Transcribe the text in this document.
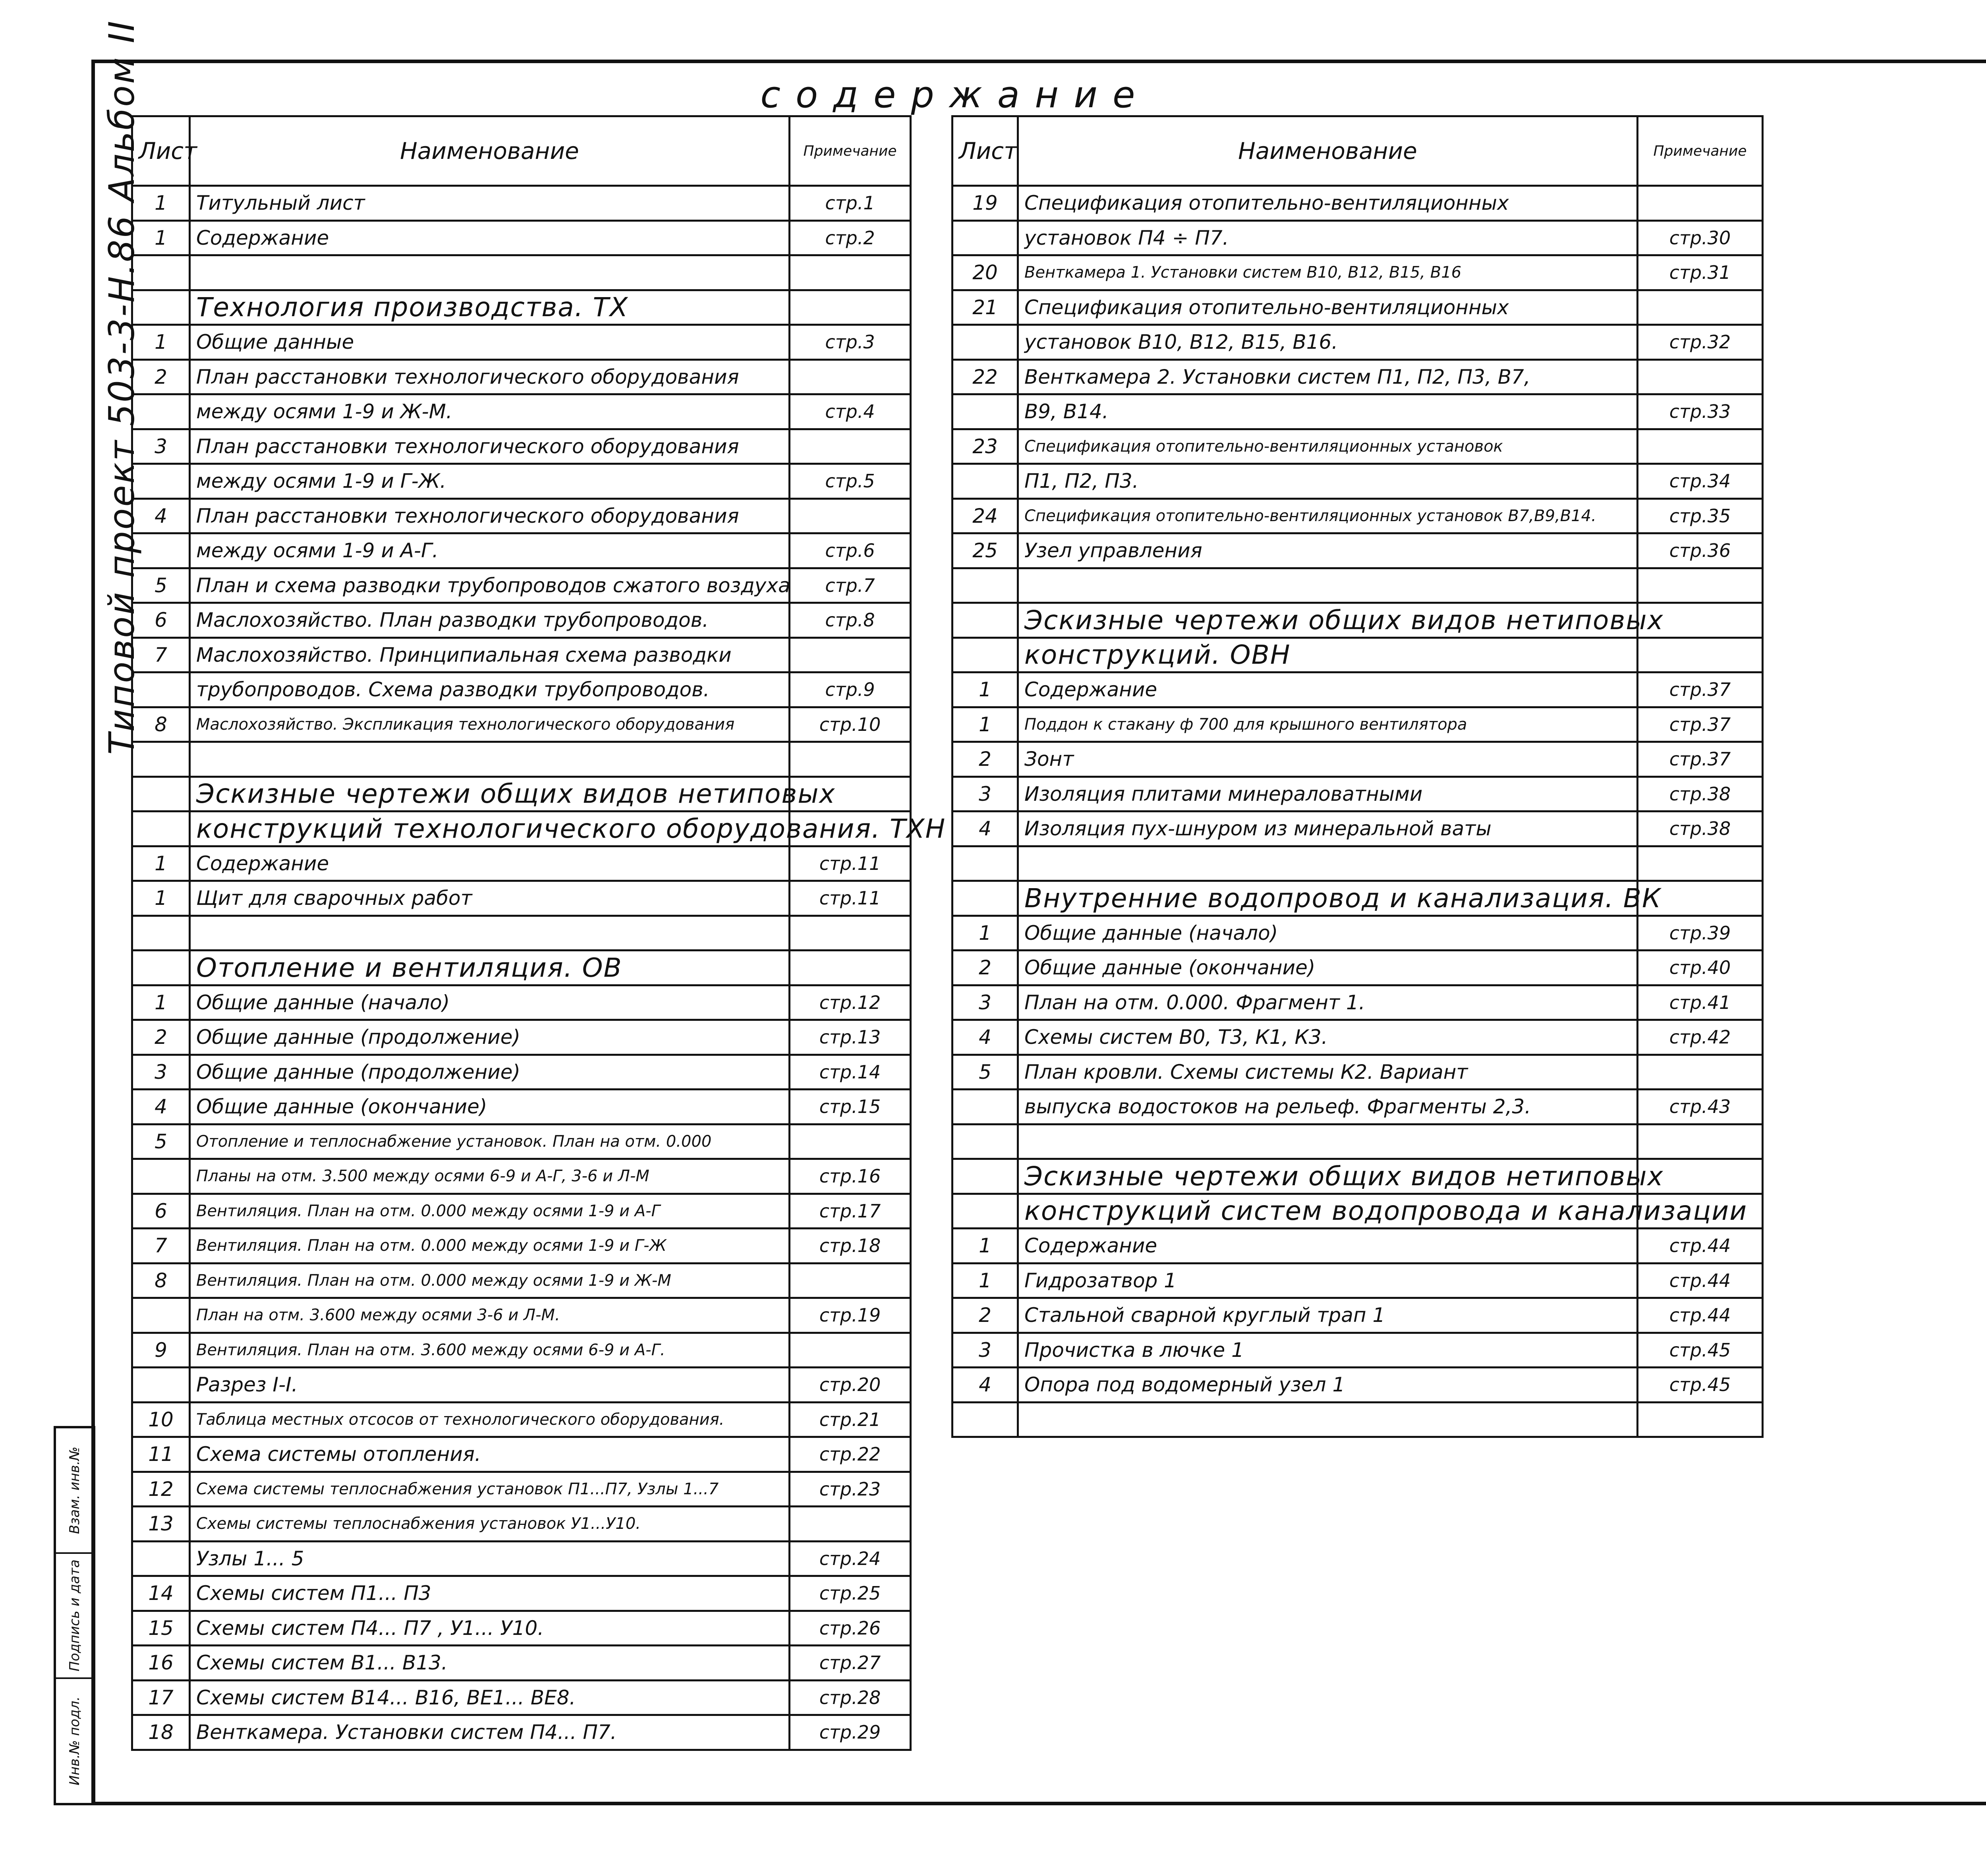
Типовой проект 503-3-Н.86 Альбом II
Инв.№ подл.
Подпись и дата
Взам. инв.№
содержание
Лист	Наименование	Примечание
1	Титульный лист	стр.1
1	Содержание	стр.2

	Технология производства. ТХ	
1	Общие данные	стр.3
2	План расстановки технологического оборудования	
	между осями 1-9 и Ж-М.	стр.4
3	План расстановки технологического оборудования	
	между осями 1-9 и Г-Ж.	стр.5
4	План расстановки технологического оборудования	
	между осями 1-9 и А-Г.	стр.6
5	План и схема разводки трубопроводов сжатого воздуха	стр.7
6	Маслохозяйство. План разводки трубопроводов.	стр.8
7	Маслохозяйство. Принципиальная схема разводки	
	трубопроводов. Схема разводки трубопроводов.	стр.9
8	Маслохозяйство. Экспликация технологического оборудования	стр.10

	Эскизные чертежи общих видов нетиповых	
	конструкций технологического оборудования. ТХН	
1	Содержание	стр.11
1	Щит для сварочных работ	стр.11

	Отопление и вентиляция. ОВ	
1	Общие данные (начало)	стр.12
2	Общие данные (продолжение)	стр.13
3	Общие данные (продолжение)	стр.14
4	Общие данные (окончание)	стр.15
5	Отопление и теплоснабжение установок. План на отм. 0.000	
	Планы на отм. 3.500 между осями 6-9 и А-Г, 3-6 и Л-М	стр.16
6	Вентиляция. План на отм. 0.000 между осями 1-9 и А-Г	стр.17
7	Вентиляция. План на отм. 0.000 между осями 1-9 и Г-Ж	стр.18
8	Вентиляция. План на отм. 0.000 между осями 1-9 и Ж-М	
	План на отм. 3.600 между осями 3-6 и Л-М.	стр.19
9	Вентиляция. План на отм. 3.600 между осями 6-9 и А-Г.	
	Разрез I-I.	стр.20
10	Таблица местных отсосов от технологического оборудования.	стр.21
11	Схема системы отопления.	стр.22
12	Схема системы теплоснабжения установок П1...П7, Узлы 1...7	стр.23
13	Схемы системы теплоснабжения установок У1...У10.	
	Узлы 1... 5	стр.24
14	Схемы систем П1... П3	стр.25
15	Схемы систем П4... П7 , У1... У10.	стр.26
16	Схемы систем В1... В13.	стр.27
17	Схемы систем В14... В16, ВЕ1... ВЕ8.	стр.28
18	Венткамера. Установки систем П4... П7.	стр.29
Лист	Наименование	Примечание
19	Спецификация отопительно-вентиляционных	
	установок П4 ÷ П7.	стр.30
20	Венткамера 1. Установки систем В10, В12, В15, В16	стр.31
21	Спецификация отопительно-вентиляционных	
	установок В10, В12, В15, В16.	стр.32
22	Венткамера 2. Установки систем П1, П2, П3, В7,	
	В9, В14.	стр.33
23	Спецификация отопительно-вентиляционных установок	
	П1, П2, П3.	стр.34
24	Спецификация отопительно-вентиляционных установок В7,В9,В14.	стр.35
25	Узел управления	стр.36

	Эскизные чертежи общих видов нетиповых	
	конструкций. ОВН	
1	Содержание	стр.37
1	Поддон к стакану ф 700 для крышного вентилятора	стр.37
2	Зонт	стр.37
3	Изоляция плитами минераловатными	стр.38
4	Изоляция пух-шнуром из минеральной ваты	стр.38

	Внутренние водопровод и канализация. ВК	
1	Общие данные (начало)	стр.39
2	Общие данные (окончание)	стр.40
3	План на отм. 0.000. Фрагмент 1.	стр.41
4	Схемы систем В0, Т3, К1, К3.	стр.42
5	План кровли. Схемы системы К2. Вариант	
	выпуска водостоков на рельеф. Фрагменты 2,3.	стр.43

	Эскизные чертежи общих видов нетиповых	
	конструкций систем водопровода и канализации	
1	Содержание	стр.44
1	Гидрозатвор 1	стр.44
2	Стальной сварной круглый трап 1	стр.44
3	Прочистка в лючке 1	стр.45
4	Опора под водомерный узел 1	стр.45
